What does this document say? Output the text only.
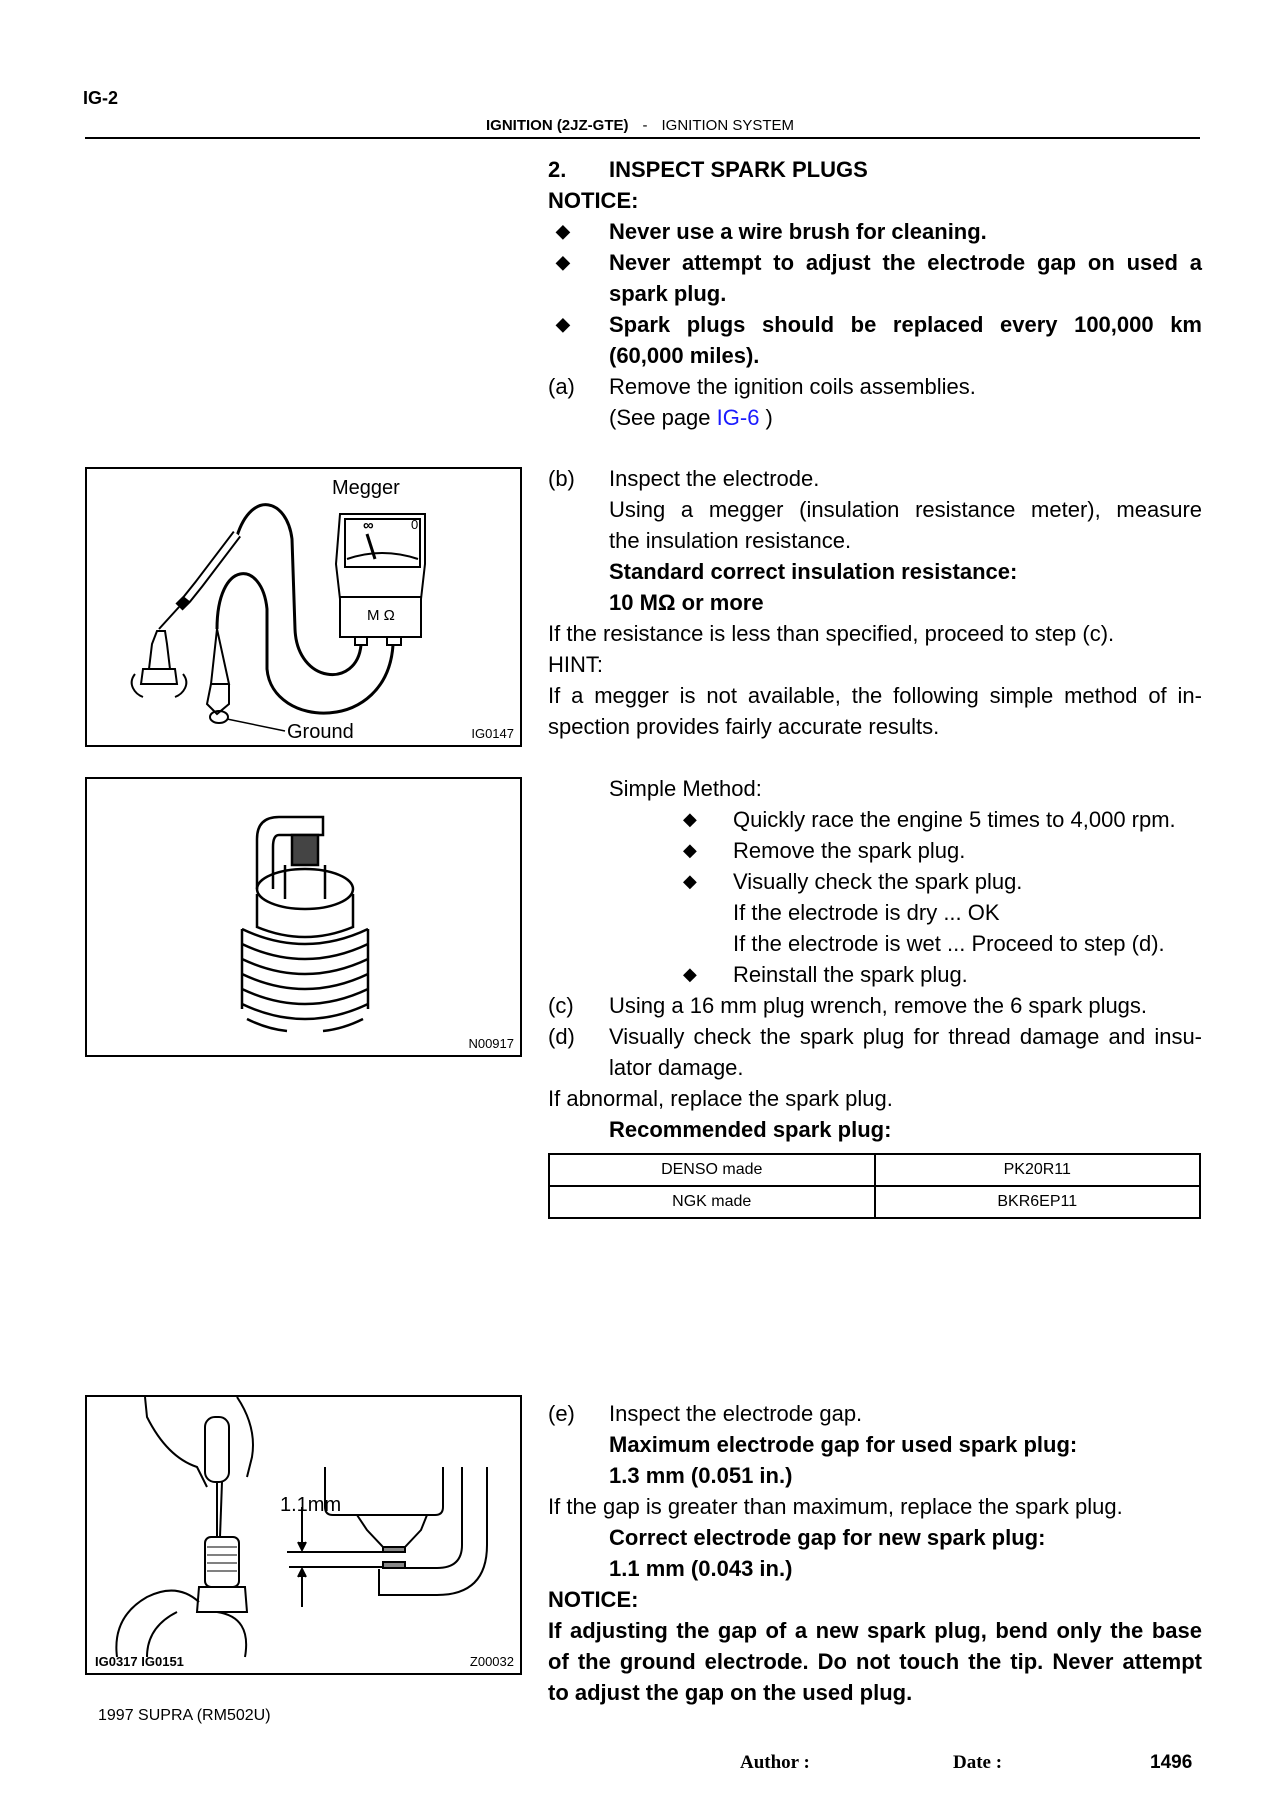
IG-2
IGNITION (2JZ-GTE) - IGNITION SYSTEM
2. INSPECT SPARK PLUGS
NOTICE:
◆ Never use a wire brush for cleaning.
◆ Never attempt to adjust the electrode gap on used a
spark plug.
◆ Spark plugs should be replaced every 100,000 km
(60,000 miles).
(a) Remove the ignition coils assemblies.
(See page IG-6 )
(b) Inspect the electrode.
Using a megger (insulation resistance meter), measure
the insulation resistance.
Standard correct insulation resistance:
10 MΩ or more
If the resistance is less than specified, proceed to step (c).
HINT:
If a megger is not available, the following simple method of in-
spection provides fairly accurate results.
Simple Method:
◆ Quickly race the engine 5 times to 4,000 rpm.
◆ Remove the spark plug.
◆ Visually check the spark plug.
If the electrode is dry ... OK
If the electrode is wet ... Proceed to step (d).
◆ Reinstall the spark plug.
(c) Using a 16 mm plug wrench, remove the 6 spark plugs.
(d) Visually check the spark plug for thread damage and insu-
lator damage.
If abnormal, replace the spark plug.
Recommended spark plug:
DENSO made	PK20R11
NGK made	BKR6EP11
(e) Inspect the electrode gap.
Maximum electrode gap for used spark plug:
1.3 mm (0.051 in.)
If the gap is greater than maximum, replace the spark plug.
Correct electrode gap for new spark plug:
1.1 mm (0.043 in.)
NOTICE:
If adjusting the gap of a new spark plug, bend only the base
of the ground electrode. Do not touch the tip. Never attempt
to adjust the gap on the used plug.
Megger
∞	0
M Ω
Ground	IG0147
N00917
1.1mm
IG0317 IG0151	Z00032
1997 SUPRA (RM502U)
Author :	Date :	1496
